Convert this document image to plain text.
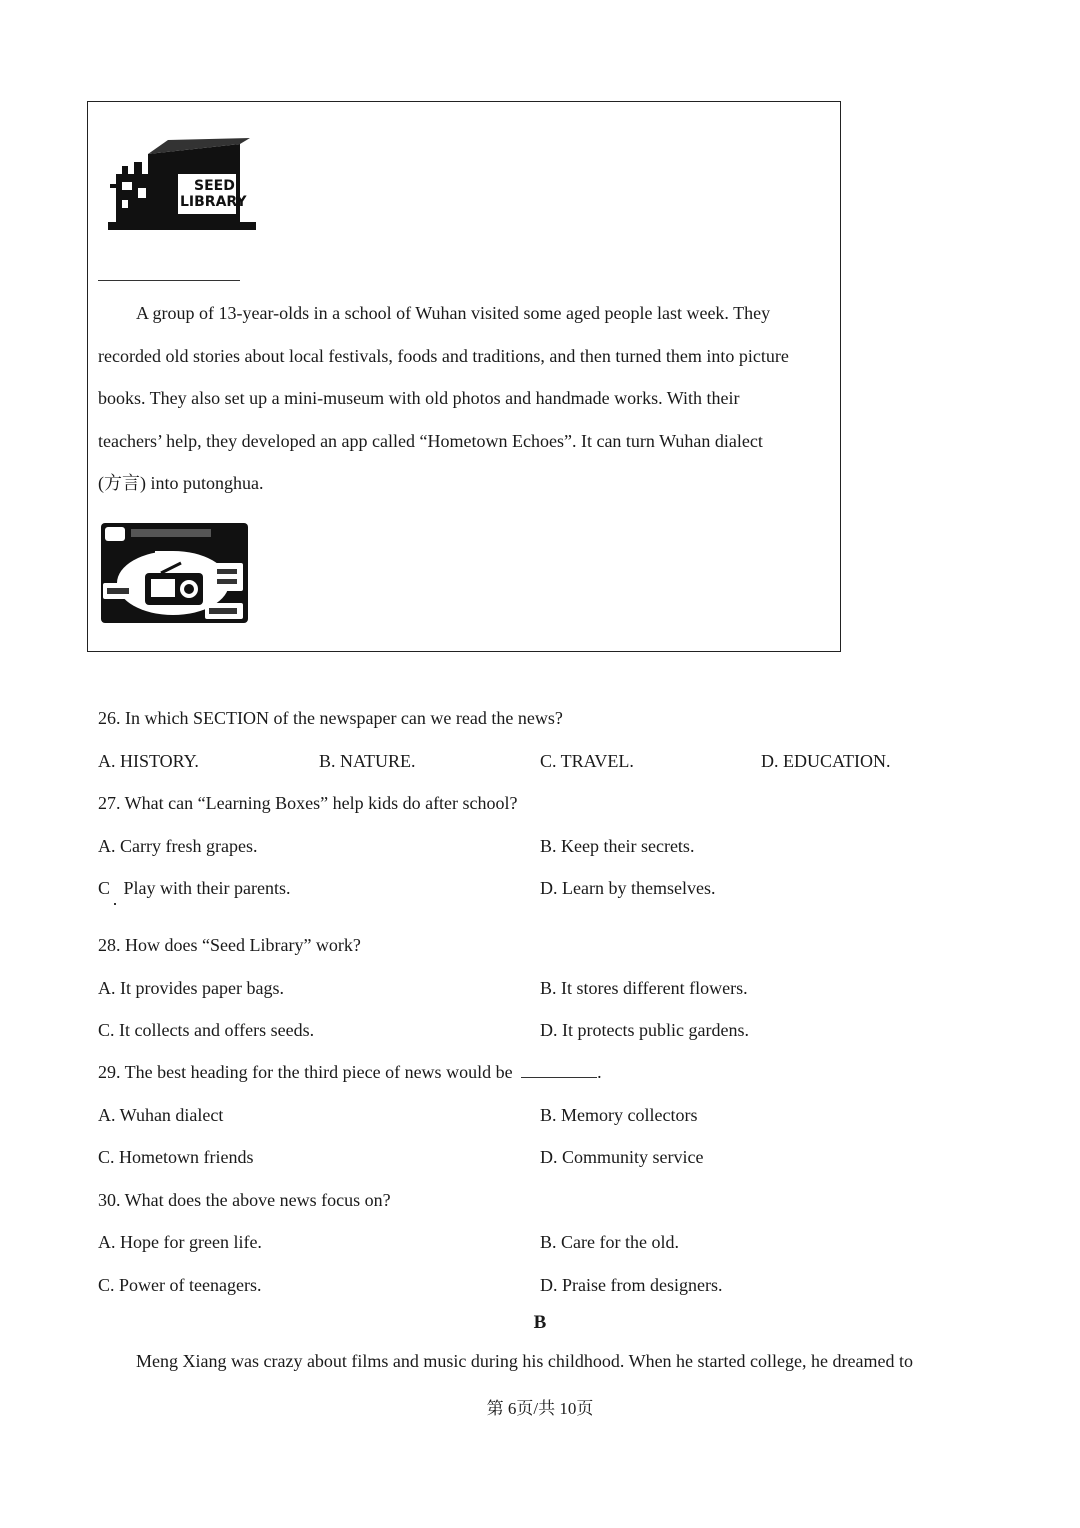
SEED
LIBRARY
A group of 13-year-olds in a school of Wuhan visited some aged people last week. They
recorded old stories about local festivals, foods and traditions, and then turned them into picture
books. They also set up a mini-museum with old photos and handmade works. With their
teachers’ help, they developed an app called “Hometown Echoes”. It can turn Wuhan dialect
(方言) into putonghua.
26. In which SECTION of the newspaper can we read the news?
A. HISTORY.	B. NATURE.	C. TRAVEL.	D. EDUCATION.
27. What can “Learning Boxes” help kids do after school?
A. Carry fresh grapes.	B. Keep their secrets.
C   Play with their parents.	D. Learn by themselves.
28. How does “Seed Library” work?
A. It provides paper bags.	B. It stores different flowers.
C. It collects and offers seeds.	D. It protects public gardens.
29. The best heading for the third piece of news would be	.
A. Wuhan dialect	B. Memory collectors
C. Hometown friends	D. Community service
30. What does the above news focus on?
A. Hope for green life.	B. Care for the old.
C. Power of teenagers.	D. Praise from designers.
B
Meng Xiang was crazy about films and music during his childhood. When he started college, he dreamed to
第 6页/共 10页
